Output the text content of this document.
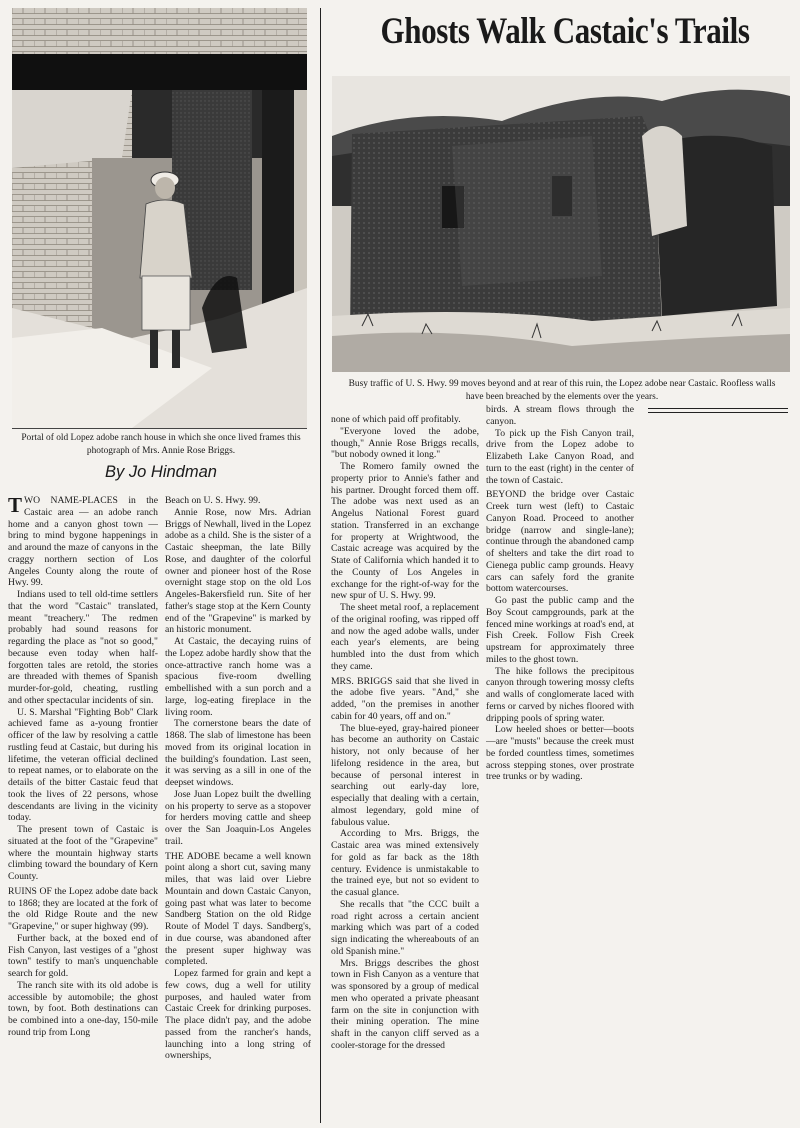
Ghosts Walk Castaic's Trails

Portal of old Lopez adobe ranch house in which she once lived frames this photograph of Mrs. Annie Rose Briggs.

Busy traffic of U. S. Hwy. 99 moves beyond and at rear of this ruin, the Lopez adobe near Castaic. Roofless walls have been breached by the elements over the years.

By Jo Hindman

TWO NAME-PLACES in the Castaic area — an adobe ranch home and a canyon ghost town — bring to mind bygone happenings in and around the maze of canyons in the craggy northern section of Los Angeles County along the route of Hwy. 99.

Indians used to tell old-time settlers that the word "Castaic" translated, meant "treachery." The redmen probably had sound reasons for regarding the place as "not so good," because even today when half-forgotten tales are retold, the stories are threaded with themes of Spanish murder-for-gold, cheating, rustling and other spectacular incidents of sin.

U. S. Marshal "Fighting Bob" Clark achieved fame as a-young frontier officer of the law by resolving a cattle rustling feud at Castaic, but during his lifetime, the veteran official declined to repeat names, or to elaborate on the details of the bitter Castaic feud that took the lives of 22 persons, whose descendants are living in the vicinity today.

The present town of Castaic is situated at the foot of the "Grapevine" where the mountain highway starts climbing toward the boundary of Kern County.

RUINS OF the Lopez adobe date back to 1868; they are located at the fork of the old Ridge Route and the new "Grapevine," or super highway (99).

Further back, at the boxed end of Fish Canyon, last vestiges of a "ghost town" testify to man's unquenchable search for gold.

The ranch site with its old adobe is accessible by automobile; the ghost town, by foot. Both destinations can be combined into a one-day, 150-mile round trip from Long

Beach on U. S. Hwy. 99.

Annie Rose, now Mrs. Adrian Briggs of Newhall, lived in the Lopez adobe as a child. She is the sister of a Castaic sheepman, the late Billy Rose, and daughter of the colorful owner and pioneer host of the Rose overnight stage stop on the old Los Angeles-Bakersfield run. Site of her father's stage stop at the Kern County end of the "Grapevine" is marked by an historic monument.

At Castaic, the decaying ruins of the Lopez adobe hardly show that the once-attractive ranch home was a spacious five-room dwelling embellished with a sun porch and a large, log-eating fireplace in the living room.

The cornerstone bears the date of 1868. The slab of limestone has been moved from its original location in the building's foundation. Last seen, it was serving as a sill in one of the deepset windows.

Jose Juan Lopez built the dwelling on his property to serve as a stopover for herders moving cattle and sheep over the San Joaquin-Los Angeles trail.

THE ADOBE became a well known point along a short cut, saving many miles, that was laid over Liebre Mountain and down Castaic Canyon, going past what was later to become Sandberg Station on the old Ridge Route of Model T days. Sandberg's, in due course, was abandoned after the present super highway was completed.

Lopez farmed for grain and kept a few cows, dug a well for utility purposes, and hauled water from Castaic Creek for drinking purposes. The place didn't pay, and the adobe passed from the rancher's hands, launching into a long string of ownerships,

none of which paid off profitably.

"Everyone loved the adobe, though," Annie Rose Briggs recalls, "but nobody owned it long."

The Romero family owned the property prior to Annie's father and his partner. Drought forced them off. The adobe was next used as an Angelus National Forest guard station. Transferred in an exchange for property at Wrightwood, the Castaic acreage was acquired by the State of California which handed it to the County of Los Angeles in exchange for the right-of-way for the new spur of U. S. Hwy. 99.

The sheet metal roof, a replacement of the original roofing, was ripped off and now the aged adobe walls, under each year's elements, are being humbled into the dust from which they came.

MRS. BRIGGS said that she lived in the adobe five years. "And," she added, "on the premises in another cabin for 40 years, off and on."

The blue-eyed, gray-haired pioneer has become an authority on Castaic history, not only because of her lifelong residence in the area, but because of personal interest in searching out early-day lore, especially that dealing with a certain, almost legendary, gold mine of fabulous value.

According to Mrs. Briggs, the Castaic area was mined extensively for gold as far back as the 18th century. Evidence is unmistakable to the trained eye, but not so evident to the casual glance.

She recalls that "the CCC built a road right across a certain ancient marking which was part of a coded sign indicating the whereabouts of an old Spanish mine."

Mrs. Briggs describes the ghost town in Fish Canyon as a venture that was sponsored by a group of medical men who operated a private pheasant farm on the site in conjunction with their mining operation. The mine shaft in the canyon cliff served as a cooler-storage for the dressed

birds. A stream flows through the canyon.

To pick up the Fish Canyon trail, drive from the Lopez adobe to Elizabeth Lake Canyon Road, and turn to the east (right) in the center of the town of Castaic.

BEYOND the bridge over Castaic Creek turn west (left) to Castaic Canyon Road. Proceed to another bridge (narrow and single-lane); continue through the abandoned camp of shelters and take the dirt road to Cienega public camp grounds. Heavy cars can safely ford the granite bottom watercourses.

Go past the public camp and the Boy Scout campgrounds, park at the fenced mine workings at road's end, at Fish Creek. Follow Fish Creek upstream for approximately three miles to the ghost town.

The hike follows the precipitous canyon through towering mossy clefts and walls of conglomerate laced with ferns or carved by niches floored with dripping pools of spring water.

Low heeled shoes or better—boots—are "musts" because the creek must be forded countless times, sometimes across stepping stones, over prostrate tree trunks or by wading.
